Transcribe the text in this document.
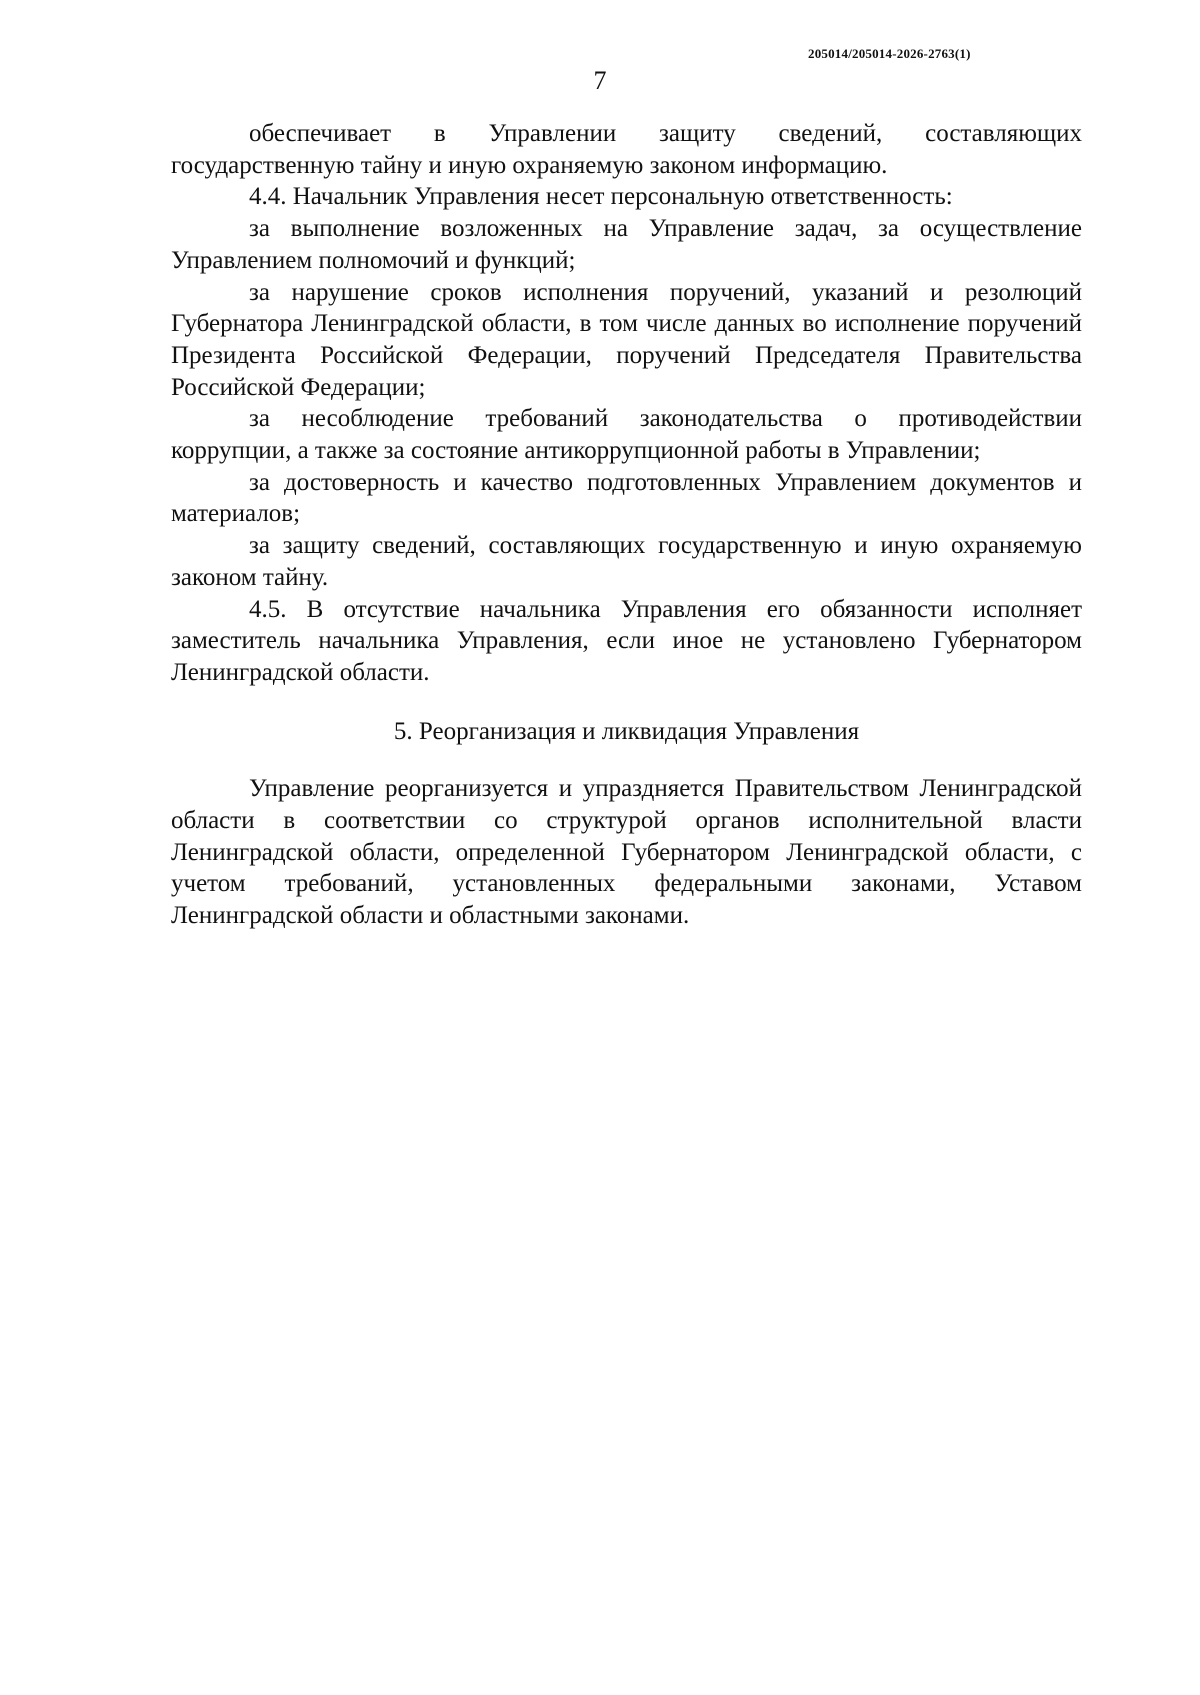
205014/205014-2026-2763(1)
7

обеспечивает в Управлении защиту сведений, составляющих государственную тайну и иную охраняемую законом информацию.

4.4. Начальник Управления несет персональную ответственность:

за выполнение возложенных на Управление задач, за осуществление Управлением полномочий и функций;

за нарушение сроков исполнения поручений, указаний и резолюций Губернатора Ленинградской области, в том числе данных во исполнение поручений Президента Российской Федерации, поручений Председателя Правительства Российской Федерации;

за несоблюдение требований законодательства о противодействии коррупции, а также за состояние антикоррупционной работы в Управлении;

за достоверность и качество подготовленных Управлением документов и материалов;

за защиту сведений, составляющих государственную и иную охраняемую законом тайну.

4.5. В отсутствие начальника Управления его обязанности исполняет заместитель начальника Управления, если иное не установлено Губернатором Ленинградской области.

5. Реорганизация и ликвидация Управления

Управление реорганизуется и упраздняется Правительством Ленинградской области в соответствии со структурой органов исполнительной власти Ленинградской области, определенной Губернатором Ленинградской области, с учетом требований, установленных федеральными законами, Уставом Ленинградской области и областными законами.
